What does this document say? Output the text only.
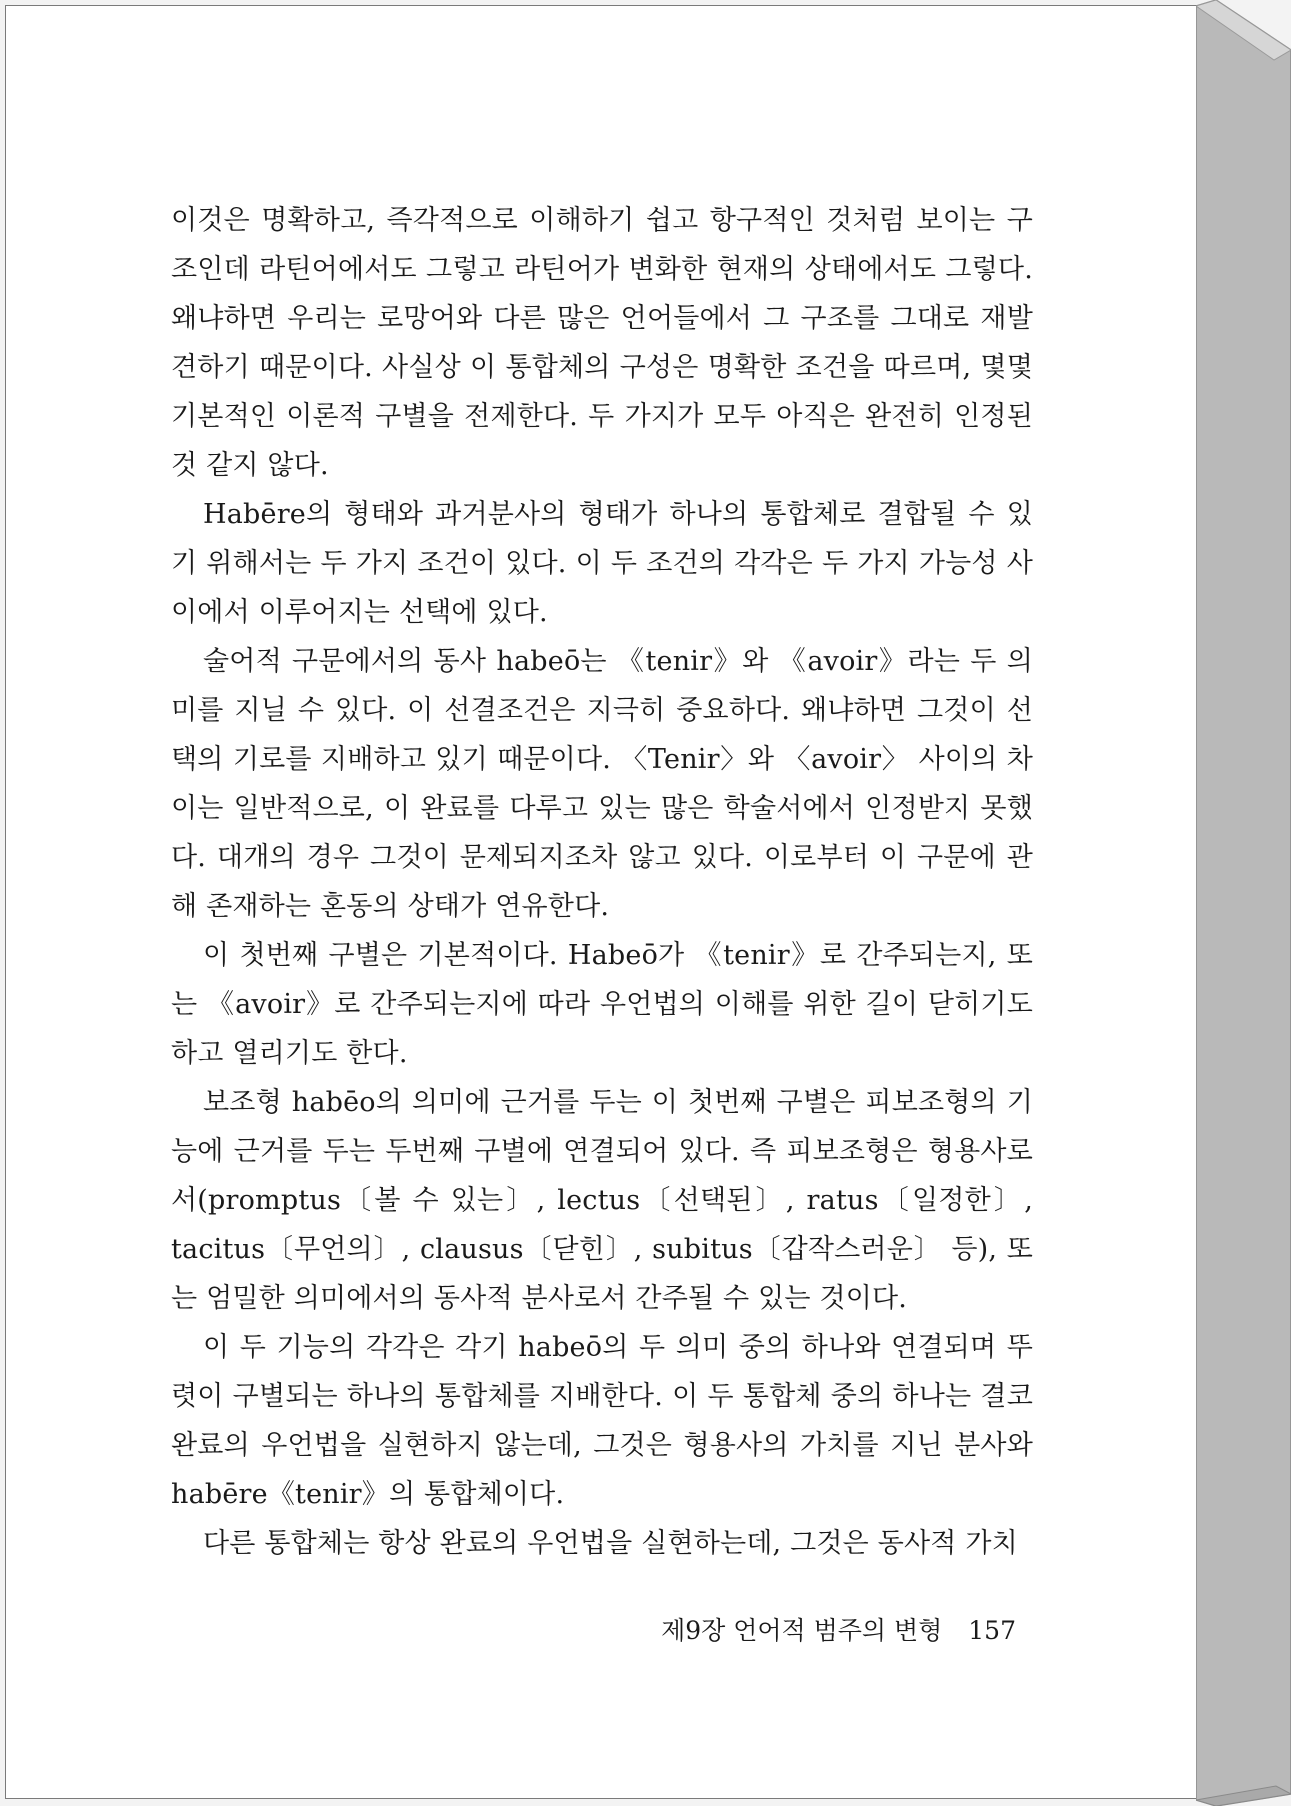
이것은 명확하고, 즉각적으로 이해하기 쉽고 항구적인 것처럼 보이는 구조인데 라틴어에서도 그렇고 라틴어가 변화한 현재의 상태에서도 그렇다. 왜냐하면 우리는 로망어와 다른 많은 언어들에서 그 구조를 그대로 재발견하기 때문이다. 사실상 이 통합체의 구성은 명확한 조건을 따르며, 몇몇 기본적인 이론적 구별을 전제한다. 두 가지가 모두 아직은 완전히 인정된 것 같지 않다.

Habēre의 형태와 과거분사의 형태가 하나의 통합체로 결합될 수 있기 위해서는 두 가지 조건이 있다. 이 두 조건의 각각은 두 가지 가능성 사이에서 이루어지는 선택에 있다.

술어적 구문에서의 동사 habeō는 《tenir》와 《avoir》라는 두 의미를 지닐 수 있다. 이 선결조건은 지극히 중요하다. 왜냐하면 그것이 선택의 기로를 지배하고 있기 때문이다. 〈Tenir〉와 〈avoir〉 사이의 차이는 일반적으로, 이 완료를 다루고 있는 많은 학술서에서 인정받지 못했다. 대개의 경우 그것이 문제되지조차 않고 있다. 이로부터 이 구문에 관해 존재하는 혼동의 상태가 연유한다.

이 첫번째 구별은 기본적이다. Habeō가 《tenir》로 간주되는지, 또는 《avoir》로 간주되는지에 따라 우언법의 이해를 위한 길이 닫히기도 하고 열리기도 한다.

보조형 habēo의 의미에 근거를 두는 이 첫번째 구별은 피보조형의 기능에 근거를 두는 두번째 구별에 연결되어 있다. 즉 피보조형은 형용사로서(promptus〔볼 수 있는〕, lectus〔선택된〕, ratus〔일정한〕, tacitus〔무언의〕, clausus〔닫힌〕, subitus〔갑작스러운〕 등), 또는 엄밀한 의미에서의 동사적 분사로서 간주될 수 있는 것이다.

이 두 기능의 각각은 각기 habeō의 두 의미 중의 하나와 연결되며 뚜렷이 구별되는 하나의 통합체를 지배한다. 이 두 통합체 중의 하나는 결코 완료의 우언법을 실현하지 않는데, 그것은 형용사의 가치를 지닌 분사와 habēre《tenir》의 통합체이다.

다른 통합체는 항상 완료의 우언법을 실현하는데, 그것은 동사적 가치

제9장 언어적 범주의 변형 157
